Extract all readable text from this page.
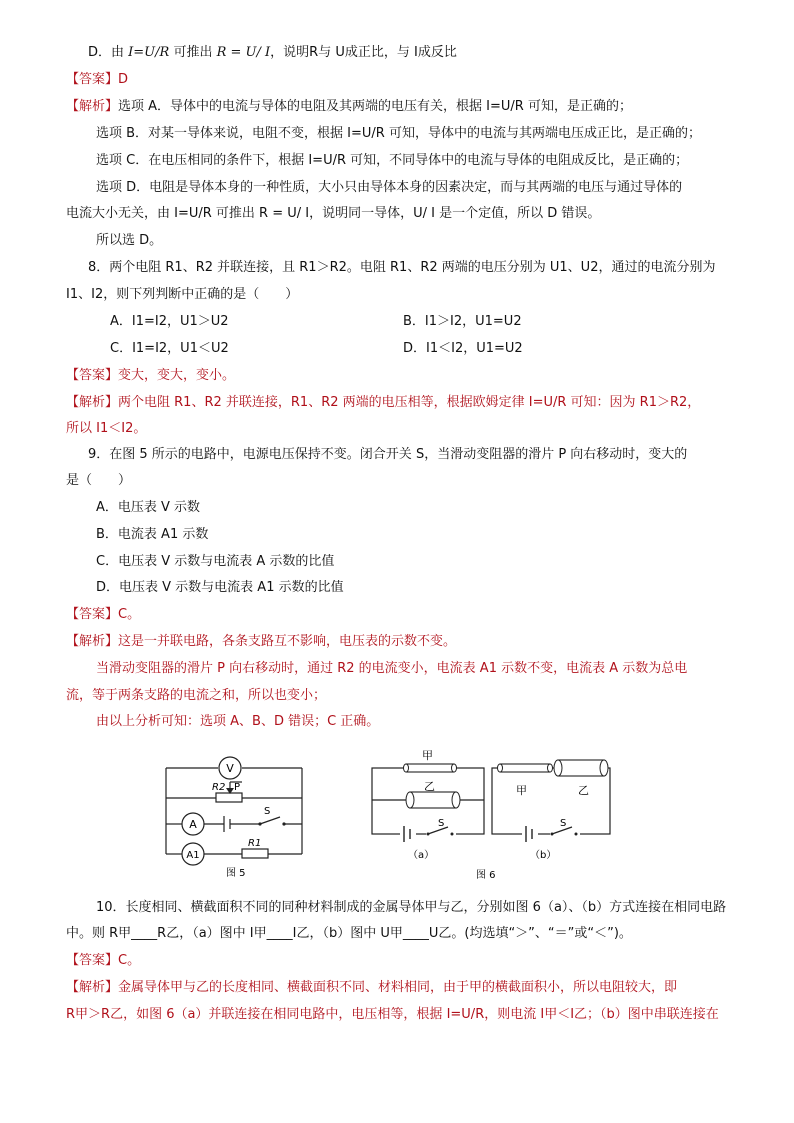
D．由 I=U/R 可推出 R = U/ I，说明R与 U成正比，与 I成反比
【答案】D
【解析】选项 A．导体中的电流与导体的电阻及其两端的电压有关，根据 I=U/R 可知，是正确的；
选项 B．对某一导体来说，电阻不变，根据 I=U/R 可知，导体中的电流与其两端电压成正比，是正确的；
选项 C．在电压相同的条件下，根据 I=U/R 可知，不同导体中的电流与导体的电阻成反比，是正确的；
选项 D．电阻是导体本身的一种性质，大小只由导体本身的因素决定，而与其两端的电压与通过导体的
电流大小无关，由 I=U/R 可推出 R = U/ I，说明同一导体，U/ I 是一个定值，所以 D 错误。
所以选 D。
8．两个电阻 R1、R2 并联连接，且 R1＞R2。电阻 R1、R2 两端的电压分别为 U1、U2，通过的电流分别为
I1、I2，则下列判断中正确的是（　　）
A．I1=I2，U1＞U2	B．I1＞I2，U1=U2
C．I1=I2，U1＜U2	D．I1＜I2，U1=U2
【答案】变大，变大，变小。
【解析】两个电阻 R1、R2 并联连接，R1、R2 两端的电压相等，根据欧姆定律 I=U/R 可知：因为 R1＞R2，
所以 I1＜I2。
9．在图 5 所示的电路中，电源电压保持不变。闭合开关 S，当滑动变阻器的滑片 P 向右移动时，变大的
是（　　）
A．电压表 V 示数
B．电流表 A1 示数
C．电压表 V 示数与电流表 A 示数的比值
D．电压表 V 示数与电流表 A1 示数的比值
【答案】C。
【解析】这是一并联电路，各条支路互不影响，电压表的示数不变。
当滑动变阻器的滑片 P 向右移动时，通过 R2 的电流变小，电流表 A1 示数不变，电流表 A 示数为总电
流，等于两条支路的电流之和，所以也变小；
由以上分析可知：选项 A、B、D 错误；C 正确。
V
A
A1
R2 P
S
R1
图 5
甲
乙	甲	乙
S	S
（a）	（b）
图 6
10．长度相同、横截面积不同的同种材料制成的金属导体甲与乙，分别如图 6（a）、（b）方式连接在相同电路
中。则 R甲____R乙，（a）图中 I甲____I乙，（b）图中 U甲____U乙。(均选填“＞”、“＝”或“＜”)。
【答案】C。
【解析】金属导体甲与乙的长度相同、横截面积不同、材料相同，由于甲的横截面积小，所以电阻较大，即
R甲＞R乙，如图 6（a）并联连接在相同电路中，电压相等，根据 I=U/R，则电流 I甲＜I乙；（b）图中串联连接在
